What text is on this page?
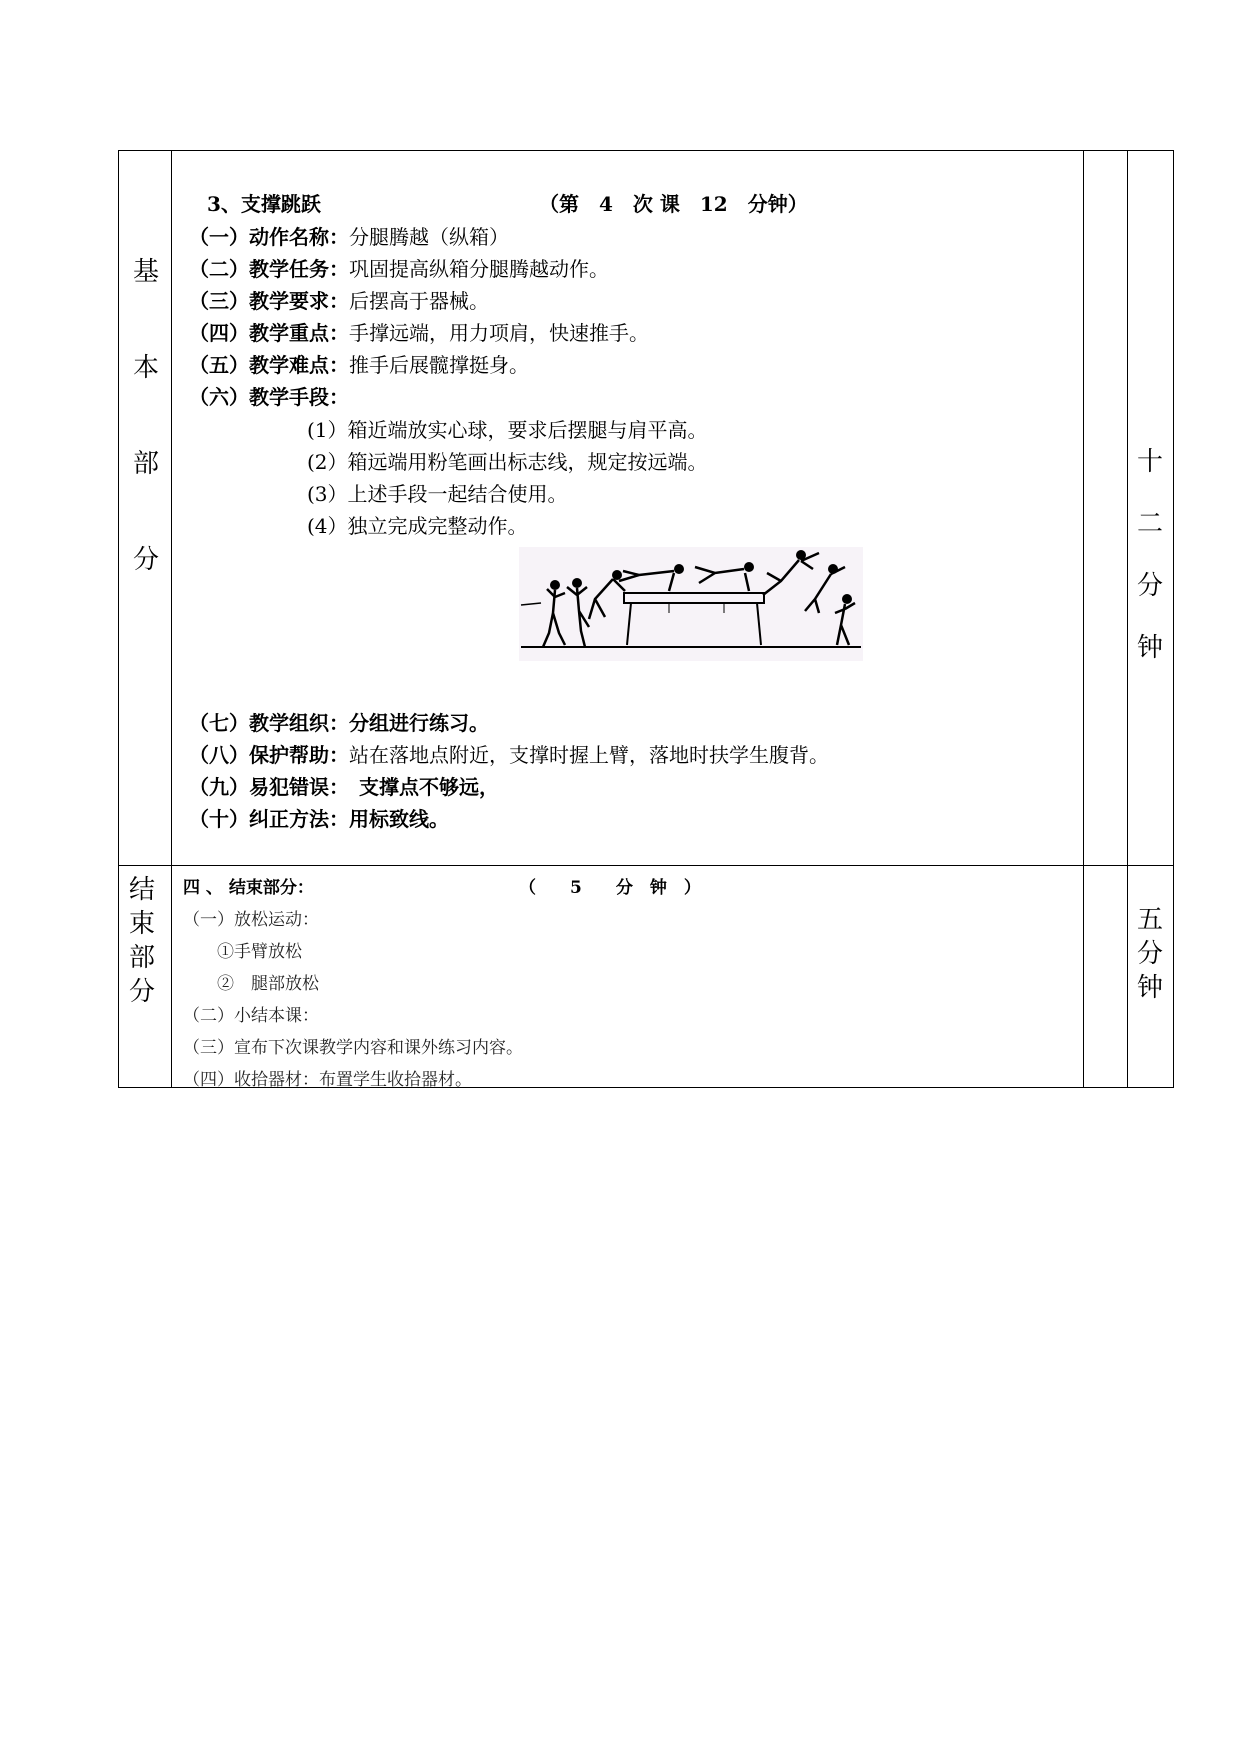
基
本
部
分
3、支撑跳跃	（第　4　次 课　12　分钟）
（一）动作名称：分腿腾越（纵箱）
（二）教学任务：巩固提高纵箱分腿腾越动作。
（三）教学要求：后摆高于器械。
（四）教学重点：手撑远端，用力项肩，快速推手。
（五）教学难点：推手后展髋撑挺身。
（六）教学手段：
(1）箱近端放实心球，要求后摆腿与肩平高。
(2）箱远端用粉笔画出标志线，规定按远端。
(3）上述手段一起结合使用。
(4）独立完成完整动作。
（七）教学组织：分组进行练习。
（八）保护帮助：站在落地点附近，支撑时握上臂，落地时扶学生腹背。
（九）易犯错误：　支撑点不够远，
（十）纠正方法：用标致线。
十
二
分
钟
结
束
部
分
四 、 结束部分：	（　　5　　分　钟　）
（一）放松运动：
①手臂放松
②　腿部放松
（二）小结本课：
（三）宣布下次课教学内容和课外练习内容。
（四）收拾器材：布置学生收拾器材。
五
分
钟
